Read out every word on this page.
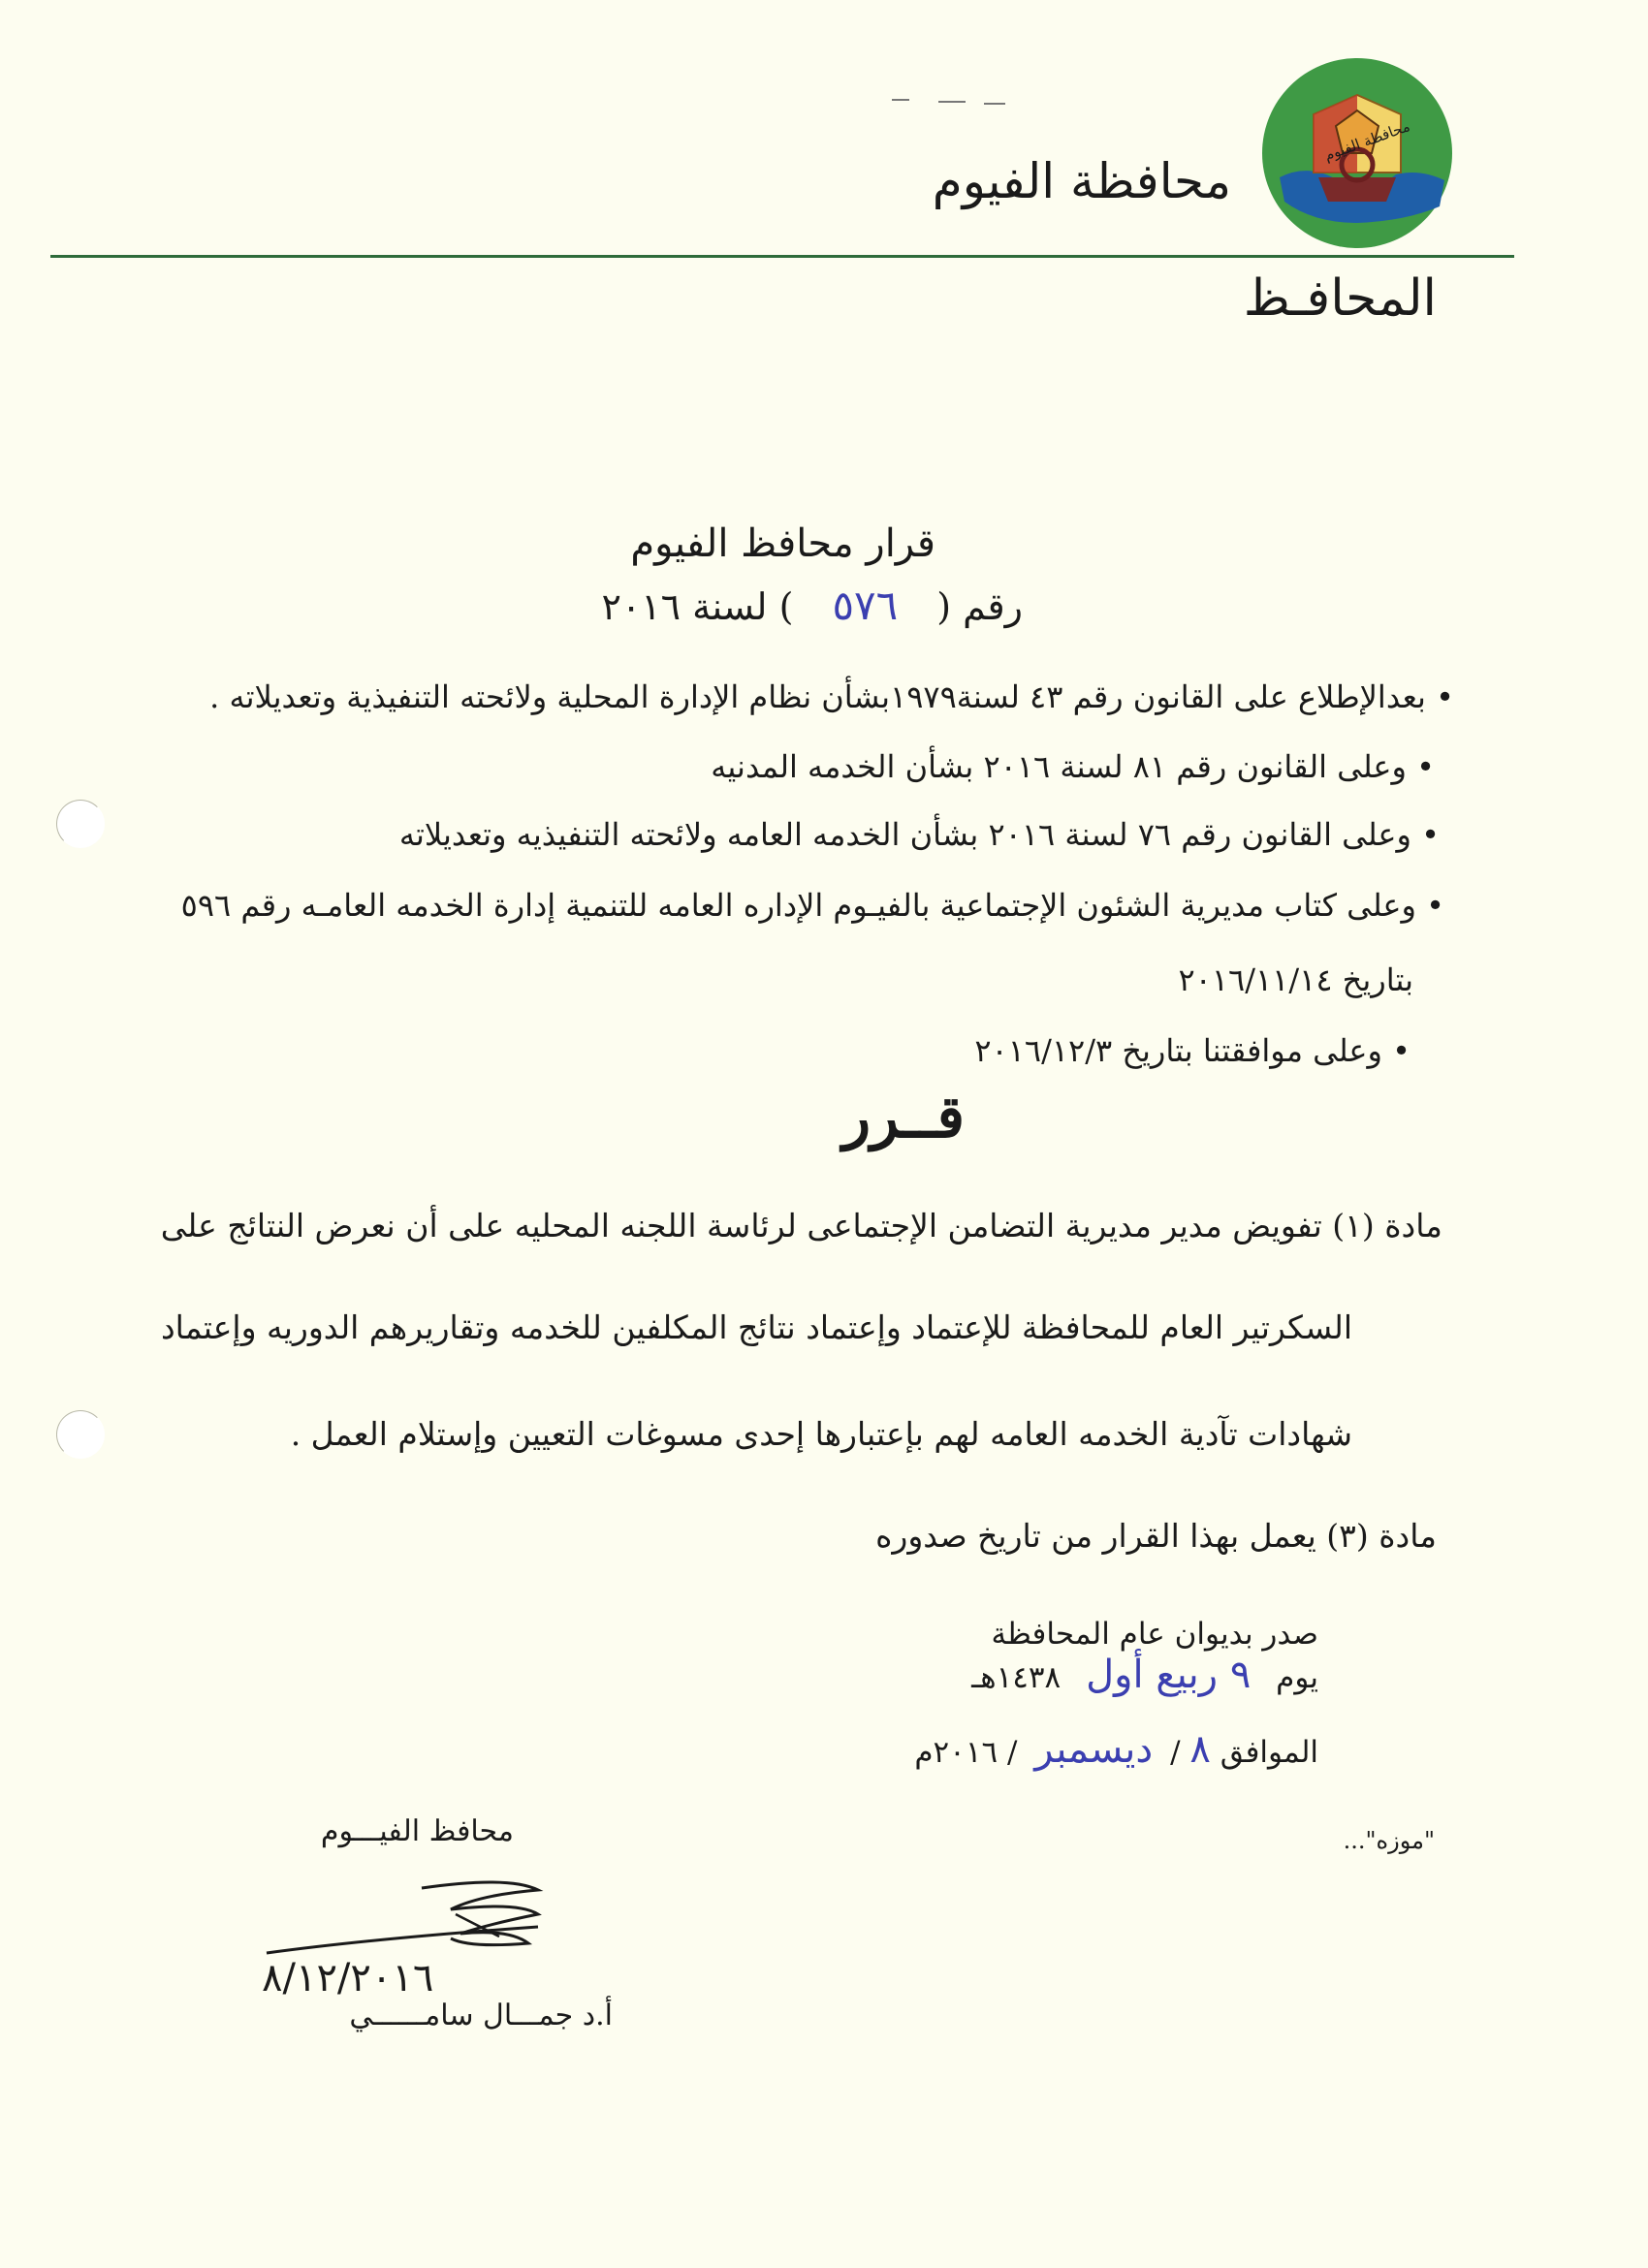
محافظة الفيوم
محافظة الفيوم
المحافـظ
قرار محافظ الفيوم
رقم ( ٥٧٦ ) لسنة ٢٠١٦
• بعدالإطلاع على القانون رقم ٤٣ لسنة١٩٧٩بشأن نظام الإدارة المحلية ولائحته التنفيذية وتعديلاته .
• وعلى القانون رقم ٨١ لسنة ٢٠١٦ بشأن الخدمه المدنيه
• وعلى القانون رقم ٧٦ لسنة ٢٠١٦ بشأن الخدمه العامه ولائحته التنفيذيه وتعديلاته
• وعلى كتاب مديرية الشئون الإجتماعية بالفيـوم الإداره العامه للتنمية إدارة الخدمه العامـه رقم ٥٩٦
بتاريخ ٢٠١٦/١١/١٤
• وعلى موافقتنا بتاريخ ٢٠١٦/١٢/٣
قــرر
مادة (١) تفويض مدير مديرية التضامن الإجتماعى لرئاسة اللجنه المحليه على أن نعرض النتائج على
السكرتير العام للمحافظة للإعتماد وإعتماد نتائج المكلفين للخدمه وتقاريرهم الدوريه وإعتماد
شهادات تآدية الخدمه العامه لهم بإعتبارها إحدى مسوغات التعيين وإستلام العمل .
مادة (٣) يعمل بهذا القرار من تاريخ صدوره
صدر بديوان عام المحافظة
يوم ٩ ربيع أول ١٤٣٨هـ
الموافق ٨ / ديسمبر / ٢٠١٦م
محافظ الفيـــوم
٨/١٢/٢٠١٦
أ.د جمـــال سامــــــي
"موزه"...
